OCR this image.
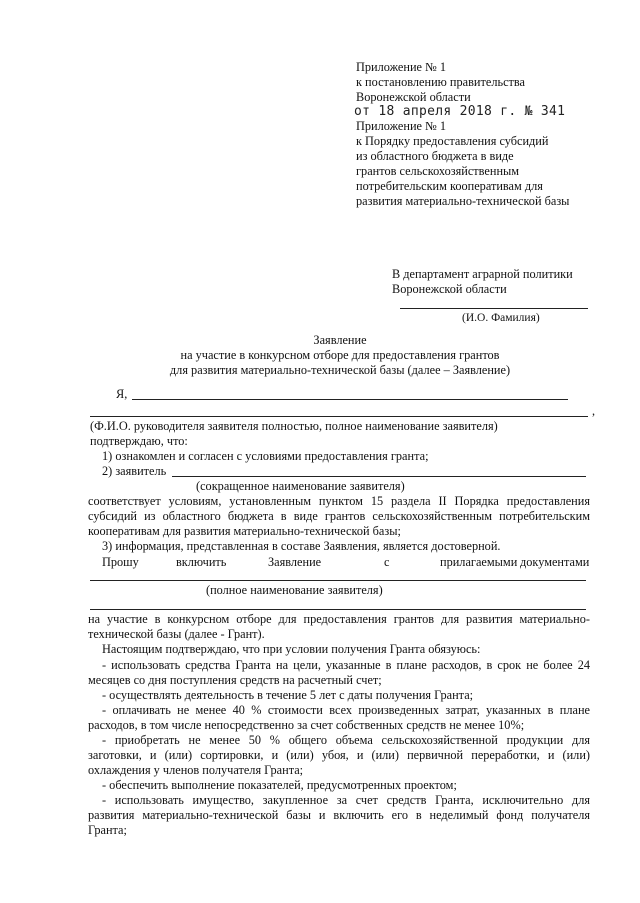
Приложение № 1
к постановлению правительства
Воронежской области
от 18 апреля 2018 г. № 341
Приложение № 1
к Порядку предоставления субсидий
из областного бюджета в виде
грантов сельскохозяйственным
потребительским кооперативам для
развития материально-технической базы
В департамент аграрной политики
Воронежской области
(И.О. Фамилия)
Заявление
на участие в конкурсном отборе для предоставления грантов
для развития материально-технической базы (далее – Заявление)
Я,
,
(Ф.И.О. руководителя заявителя полностью, полное наименование заявителя)
подтверждаю, что:
1) ознакомлен и согласен с условиями предоставления гранта;
2) заявитель
(сокращенное наименование заявителя)
соответствует условиям, установленным пунктом 15 раздела II Порядка предоставления
субсидий из областного бюджета в виде грантов сельскохозяйственным потребительским
кооперативам для развития материально-технической базы;
3) информация, представленная в составе Заявления, является достоверной.
Прошу	включить	Заявление	с	прилагаемыми документами
(полное наименование заявителя)
на участие в конкурсном отборе для предоставления грантов для развития материально-
технической базы (далее - Грант).
Настоящим подтверждаю, что при условии получения Гранта обязуюсь:
- использовать средства Гранта на цели, указанные в плане расходов, в срок не более 24
месяцев со дня поступления средств на расчетный счет;
- осуществлять деятельность в течение 5 лет с даты получения Гранта;
- оплачивать не менее 40 % стоимости всех произведенных затрат, указанных в плане
расходов, в том числе непосредственно за счет собственных средств не менее 10%;
- приобретать не менее 50 % общего объема сельскохозяйственной продукции для
заготовки, и (или) сортировки, и (или) убоя, и (или) первичной переработки, и (или)
охлаждения у членов получателя Гранта;
- обеспечить выполнение показателей, предусмотренных проектом;
- использовать имущество, закупленное за счет средств Гранта, исключительно для
развития материально-технической базы и включить его в неделимый фонд получателя
Гранта;
